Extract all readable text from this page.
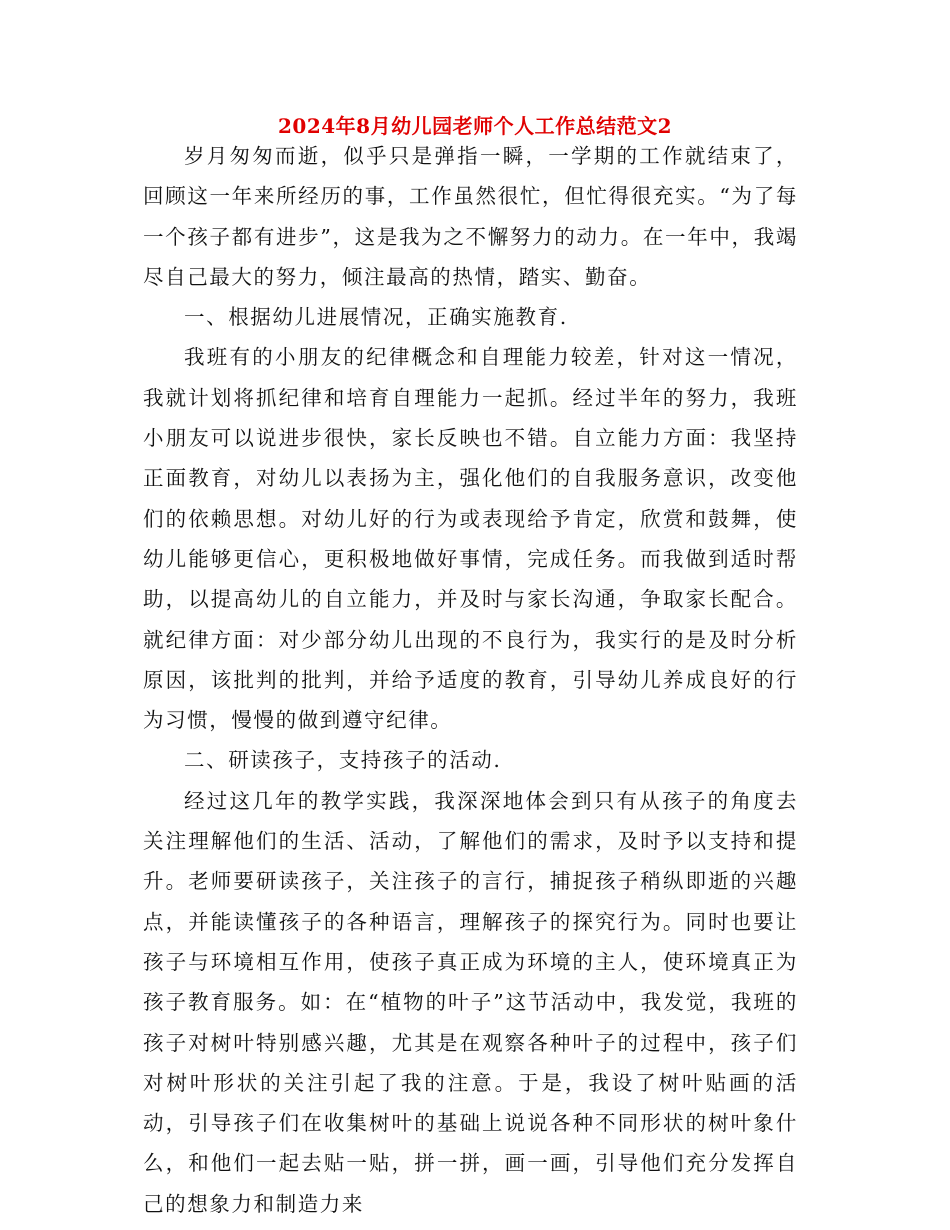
2024年8月幼儿园老师个人工作总结范文2

岁月匆匆而逝，似乎只是弹指一瞬，一学期的工作就结束了，回顾这一年来所经历的事，工作虽然很忙，但忙得很充实。“为了每一个孩子都有进步”，这是我为之不懈努力的动力。在一年中，我竭尽自己最大的努力，倾注最高的热情，踏实、勤奋。

一、根据幼儿进展情况，正确实施教育.

我班有的小朋友的纪律概念和自理能力较差，针对这一情况，我就计划将抓纪律和培育自理能力一起抓。经过半年的努力，我班小朋友可以说进步很快，家长反映也不错。自立能力方面：我坚持正面教育，对幼儿以表扬为主，强化他们的自我服务意识，改变他们的依赖思想。对幼儿好的行为或表现给予肯定，欣赏和鼓舞，使幼儿能够更信心，更积极地做好事情，完成任务。而我做到适时帮助，以提高幼儿的自立能力，并及时与家长沟通，争取家长配合。就纪律方面：对少部分幼儿出现的不良行为，我实行的是及时分析原因，该批判的批判，并给予适度的教育，引导幼儿养成良好的行为习惯，慢慢的做到遵守纪律。

二、研读孩子，支持孩子的活动.

经过这几年的教学实践，我深深地体会到只有从孩子的角度去关注理解他们的生活、活动，了解他们的需求，及时予以支持和提升。老师要研读孩子，关注孩子的言行，捕捉孩子稍纵即逝的兴趣点，并能读懂孩子的各种语言，理解孩子的探究行为。同时也要让孩子与环境相互作用，使孩子真正成为环境的主人，使环境真正为孩子教育服务。如：在“植物的叶子”这节活动中，我发觉，我班的孩子对树叶特别感兴趣，尤其是在观察各种叶子的过程中，孩子们对树叶形状的关注引起了我的注意。于是，我设了树叶贴画的活动，引导孩子们在收集树叶的基础上说说各种不同形状的树叶象什么，和他们一起去贴一贴，拼一拼，画一画，引导他们充分发挥自己的想象力和制造力来
